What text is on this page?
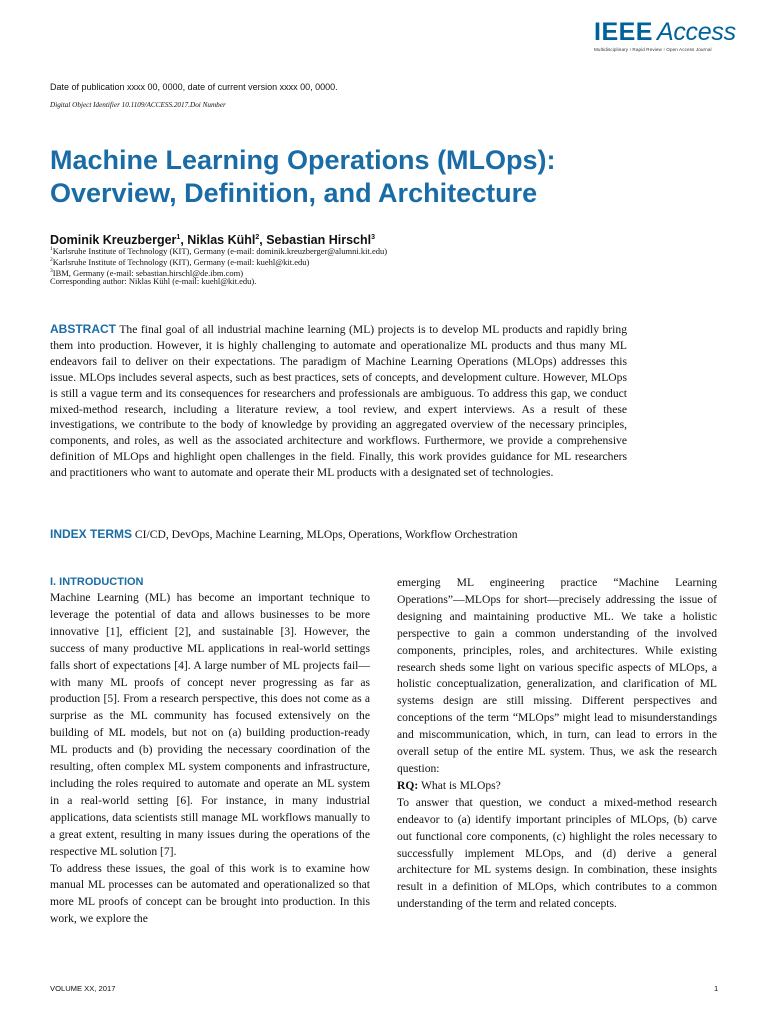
IEEE Access
Multidisciplinary ⁝ Rapid Review ⁝ Open Access Journal
Date of publication xxxx 00, 0000, date of current version xxxx 00, 0000.
Digital Object Identifier 10.1109/ACCESS.2017.Doi Number
Machine Learning Operations (MLOps):
Overview, Definition, and Architecture
Dominik Kreuzberger$^1$, Niklas Kühl$^2$, Sebastian Hirschl$^3$
$^1$Karlsruhe Institute of Technology (KIT), Germany (e-mail: dominik.kreuzberger@alumni.kit.edu)
$^2$Karlsruhe Institute of Technology (KIT), Germany (e-mail: kuehl@kit.edu)
$^3$IBM, Germany (e-mail: sebastian.hirschl@de.ibm.com)
Corresponding author: Niklas Kühl (e-mail: kuehl@kit.edu).
ABSTRACT The final goal of all industrial machine learning (ML) projects is to develop ML products and rapidly bring them into production. However, it is highly challenging to automate and operationalize ML products and thus many ML endeavors fail to deliver on their expectations. The paradigm of Machine Learning Operations (MLOps) addresses this issue. MLOps includes several aspects, such as best practices, sets of concepts, and development culture. However, MLOps is still a vague term and its consequences for researchers and professionals are ambiguous. To address this gap, we conduct mixed-method research, including a literature review, a tool review, and expert interviews. As a result of these investigations, we contribute to the body of knowledge by providing an aggregated overview of the necessary principles, components, and roles, as well as the associated architecture and workflows. Furthermore, we provide a comprehensive definition of MLOps and highlight open challenges in the field. Finally, this work provides guidance for ML researchers and practitioners who want to automate and operate their ML products with a designated set of technologies.
INDEX TERMS CI/CD, DevOps, Machine Learning, MLOps, Operations, Workflow Orchestration
I. INTRODUCTION

Machine Learning (ML) has become an important technique to leverage the potential of data and allows businesses to be more innovative [1], efficient [2], and sustainable [3]. However, the success of many productive ML applications in real-world settings falls short of expectations [4]. A large number of ML projects fail—with many ML proofs of concept never progressing as far as production [5]. From a research perspective, this does not come as a surprise as the ML community has focused extensively on the building of ML models, but not on (a) building production-ready ML products and (b) providing the necessary coordination of the resulting, often complex ML system components and infrastructure, including the roles required to automate and operate an ML system in a real-world setting [6]. For instance, in many industrial applications, data scientists still manage ML workflows manually to a great extent, resulting in many issues during the operations of the respective ML solution [7].

To address these issues, the goal of this work is to examine how manual ML processes can be automated and operationalized so that more ML proofs of concept can be brought into production. In this work, we explore the

emerging ML engineering practice “Machine Learning Operations”—MLOps for short—precisely addressing the issue of designing and maintaining productive ML. We take a holistic perspective to gain a common understanding of the involved components, principles, roles, and architectures. While existing research sheds some light on various specific aspects of MLOps, a holistic conceptualization, generalization, and clarification of ML systems design are still missing. Different perspectives and conceptions of the term “MLOps” might lead to misunderstandings and miscommunication, which, in turn, can lead to errors in the overall setup of the entire ML system. Thus, we ask the research question:

RQ: What is MLOps?

To answer that question, we conduct a mixed-method research endeavor to (a) identify important principles of MLOps, (b) carve out functional core components, (c) highlight the roles necessary to successfully implement MLOps, and (d) derive a general architecture for ML systems design. In combination, these insights result in a definition of MLOps, which contributes to a common understanding of the term and related concepts.

VOLUME XX, 2017	1
